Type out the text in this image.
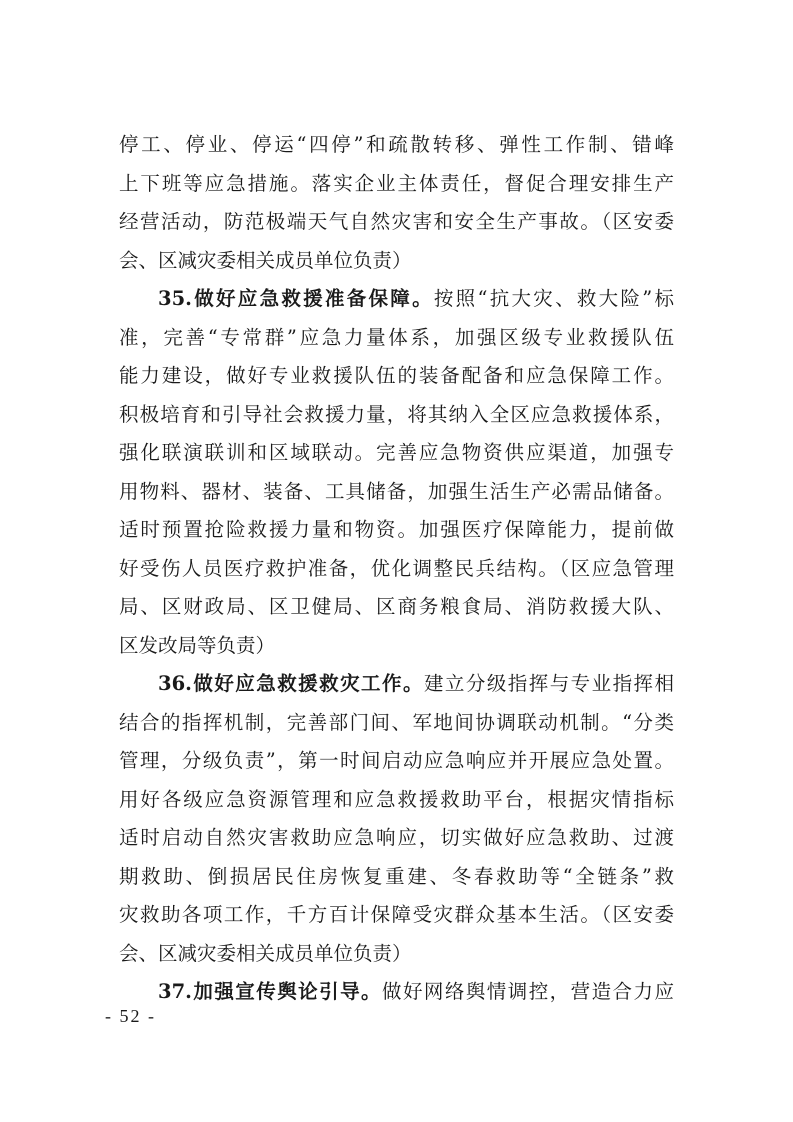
停工、停业、停运“四停”和疏散转移、弹性工作制、错峰
上下班等应急措施。落实企业主体责任，督促合理安排生产
经营活动，防范极端天气自然灾害和安全生产事故。（区安委
会、区减灾委相关成员单位负责）
35.做好应急救援准备保障。按照“抗大灾、救大险”标
准，完善“专常群”应急力量体系，加强区级专业救援队伍
能力建设，做好专业救援队伍的装备配备和应急保障工作。
积极培育和引导社会救援力量，将其纳入全区应急救援体系，
强化联演联训和区域联动。完善应急物资供应渠道，加强专
用物料、器材、装备、工具储备，加强生活生产必需品储备。
适时预置抢险救援力量和物资。加强医疗保障能力，提前做
好受伤人员医疗救护准备，优化调整民兵结构。（区应急管理
局、区财政局、区卫健局、区商务粮食局、消防救援大队、
区发改局等负责）
36.做好应急救援救灾工作。建立分级指挥与专业指挥相
结合的指挥机制，完善部门间、军地间协调联动机制。“分类
管理，分级负责”，第一时间启动应急响应并开展应急处置。
用好各级应急资源管理和应急救援救助平台，根据灾情指标
适时启动自然灾害救助应急响应，切实做好应急救助、过渡
期救助、倒损居民住房恢复重建、冬春救助等“全链条”救
灾救助各项工作，千方百计保障受灾群众基本生活。（区安委
会、区减灾委相关成员单位负责）
37.加强宣传舆论引导。做好网络舆情调控，营造合力应
- 52 -
